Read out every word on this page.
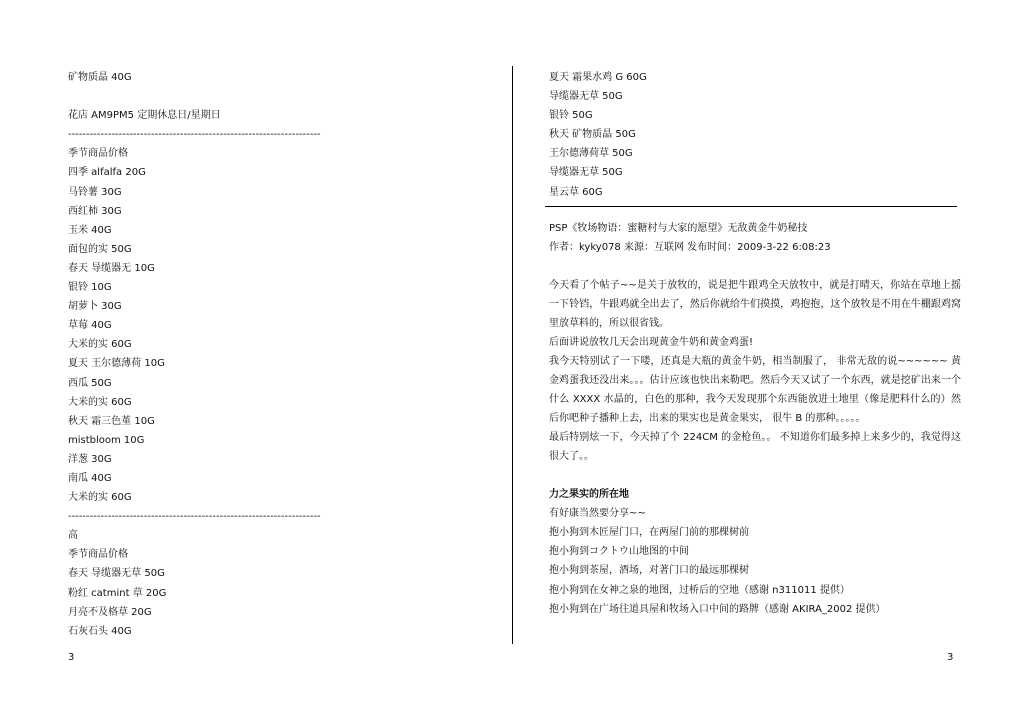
矿物质晶 40G
花店 AM9PM5 定期休息日/星期日
----------------------------------------------------------------------
季节商品价格
四季 alfalfa 20G
马铃薯 30G
西红柿 30G
玉米 40G
面包的实 50G
春天 导缆器无 10G
银铃 10G
胡萝卜 30G
草莓 40G
大米的实 60G
夏天 王尔德薄荷 10G
西瓜 50G
大米的实 60G
秋天 霜三色堇 10G
mistbloom 10G
洋葱 30G
南瓜 40G
大米的实 60G
----------------------------------------------------------------------
高
季节商品价格
春天 导缆器无草 50G
粉红 catmint 草 20G
月亮不及格草 20G
石灰石头 40G
夏天 霜果水鸡 G 60G
导缆器无草 50G
银铃 50G
秋天 矿物质晶 50G
王尔德薄荷草 50G
导缆器无草 50G
星云草 60G
PSP《牧场物语：蜜糖村与大家的愿望》无敌黄金牛奶秘技
作者：kyky078 来源：互联网 发布时间：2009-3-22 6:08:23
今天看了个帖子~~是关于放牧的，说是把牛跟鸡全天放牧中，就是打晴天，你站在草地上摇一下铃铛，牛跟鸡就全出去了，然后你就给牛们摸摸，鸡抱抱，这个放牧是不用在牛棚跟鸡窝里放草料的，所以很省钱。
后面讲说放牧几天会出现黄金牛奶和黄金鸡蛋!
我今天特别试了一下喽，还真是大瓶的黄金牛奶，相当制服了， 非常无敌的说~~~~~~ 黄金鸡蛋我还没出来。。。估计应该也快出来勒吧。然后今天又试了一个东西，就是挖矿出来一个什么 XXXX 水晶的，白色的那种，我今天发现那个东西能放进土地里（像是肥料什么的）然后你吧种子播种上去，出来的果实也是黄金果实， 很牛 B 的那种。。。。。
最后特别炫一下，今天掉了个 224CM 的金枪鱼。。 不知道你们最多掉上来多少的，我觉得这很大了。。
力之果实的所在地
有好康当然要分享~~
抱小狗到木匠屋门口，在两屋门前的那棵树前
抱小狗到コクトウ山地图的中间
抱小狗到茶屋，酒场，对著门口的最远那棵树
抱小狗到在女神之泉的地图，过桥后的空地（感谢 n311011 提供）
抱小狗到在广场往道具屋和牧场入口中间的路牌（感谢 AKIRA_2002 提供）
3	3
